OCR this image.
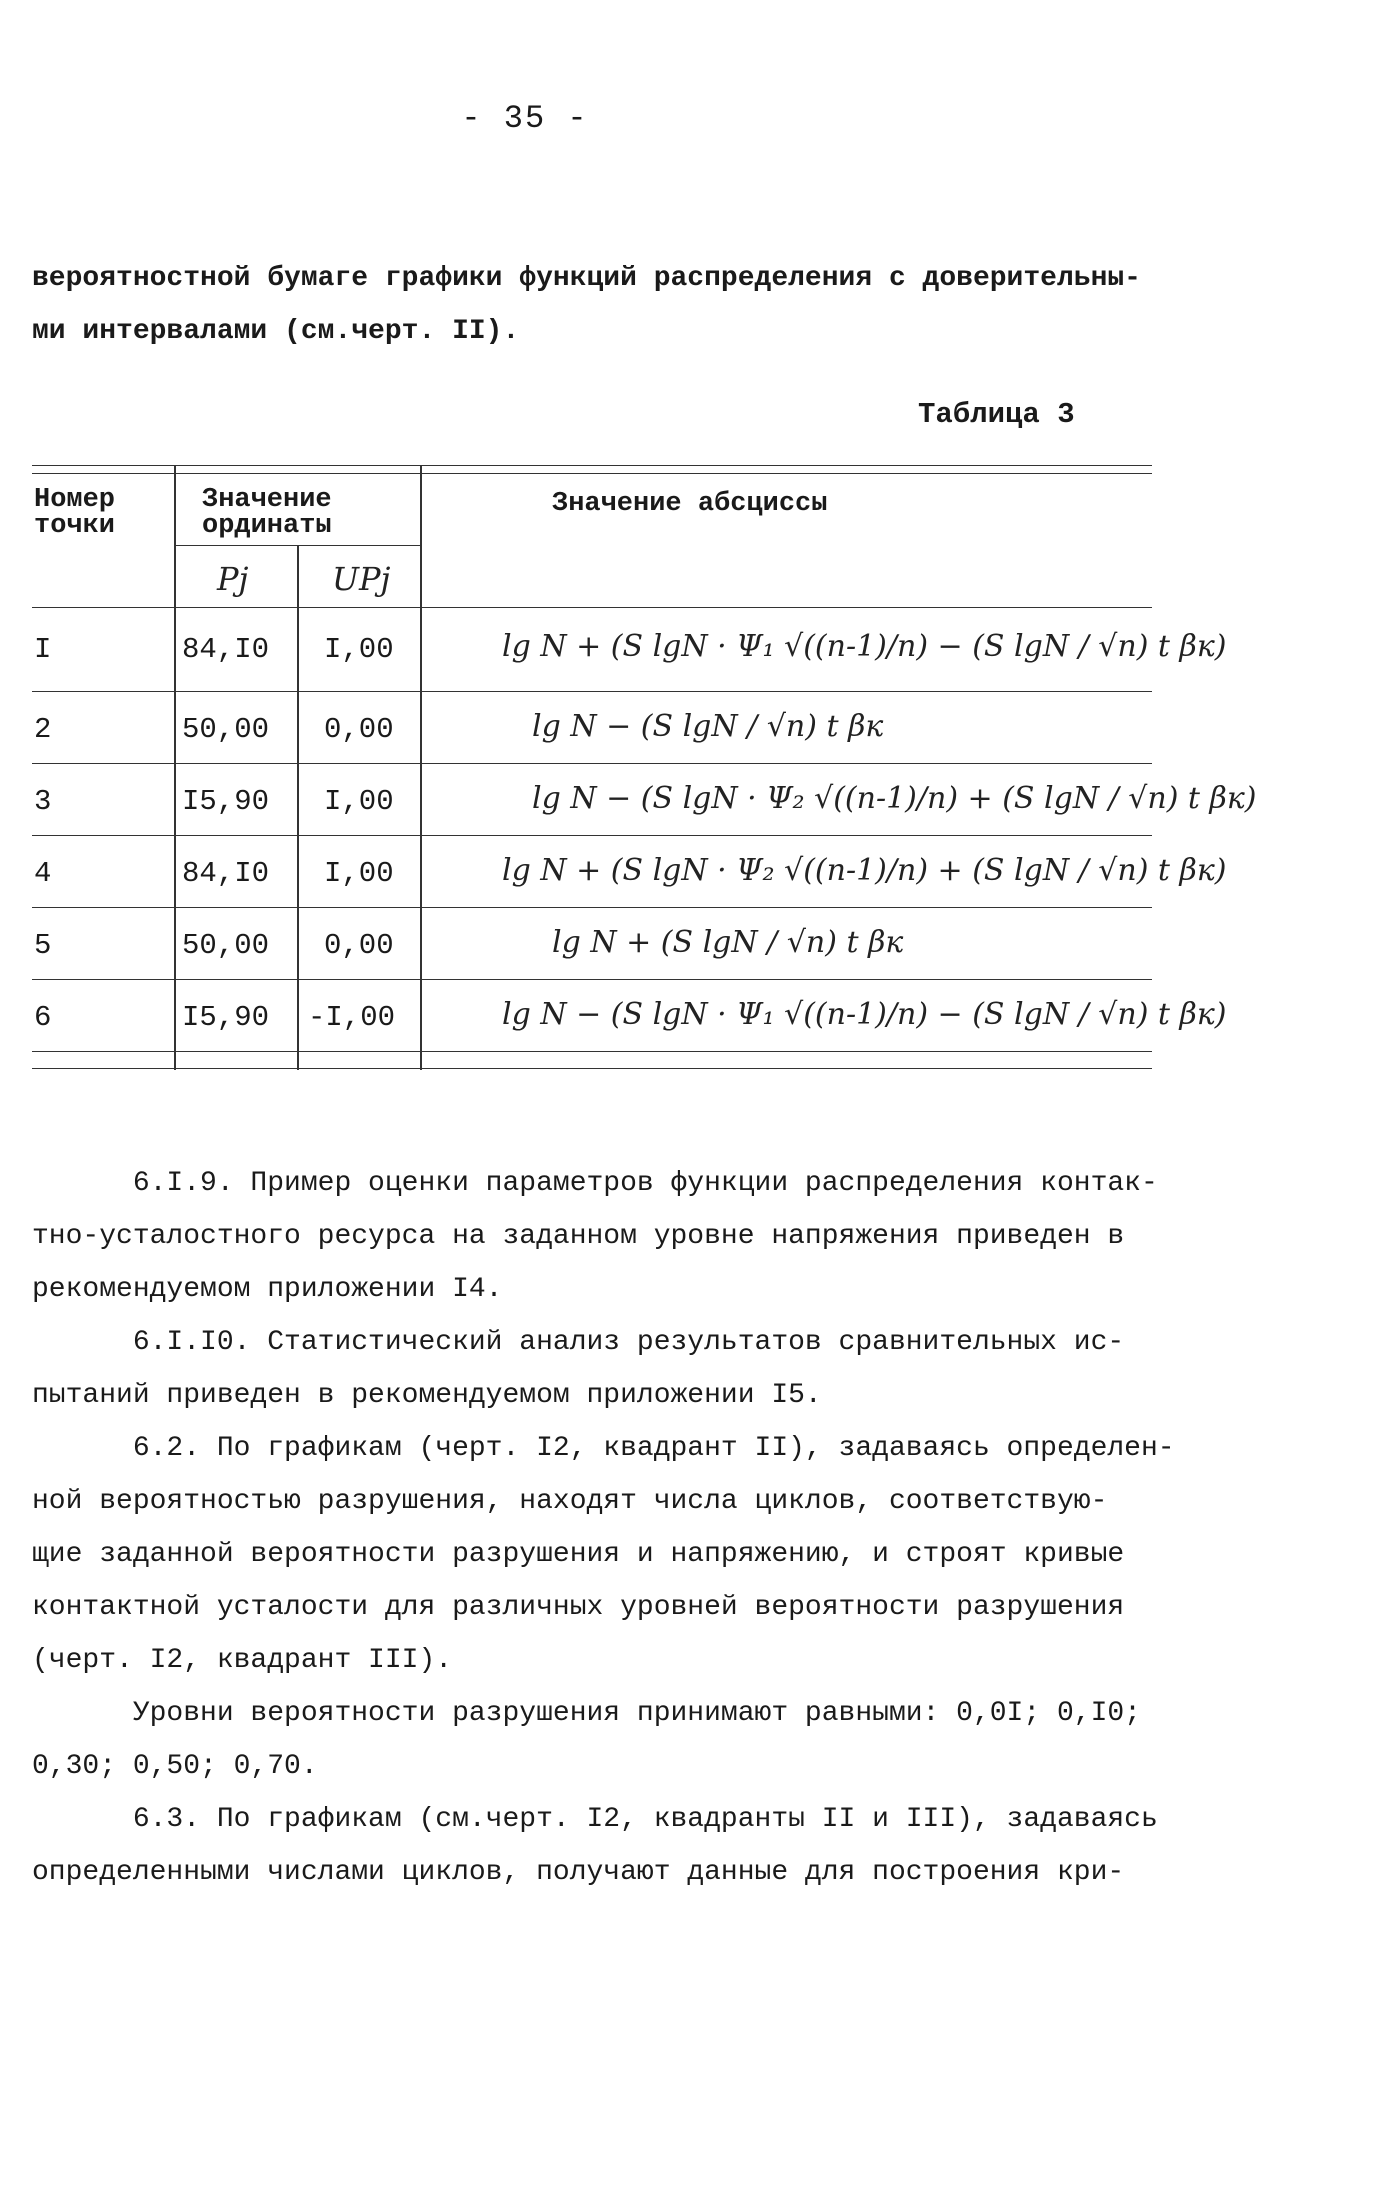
- 35 -
вероятностной бумаге графики функций распределения с доверительны-
ми интервалами (см.черт. II).
Таблица 3
Номер
точки
Значение
ординаты
Pj	UPj
Значение абсциссы
I	84,I0 I,00	lg N + (S lgN · Ψ₁ √((n-1)/n) − (S lgN / √n) t βк)
2	50,00 0,00	lg N − (S lgN / √n) t βк
3	I5,90 I,00	lg N − (S lgN · Ψ₂ √((n-1)/n) + (S lgN / √n) t βк)
4	84,I0 I,00	lg N + (S lgN · Ψ₂ √((n-1)/n) + (S lgN / √n) t βк)
5	50,00 0,00	lg N + (S lgN / √n) t βк
6	I5,90 -I,00	lg N − (S lgN · Ψ₁ √((n-1)/n) − (S lgN / √n) t βк)
6.I.9. Пример оценки параметров функции распределения контак-
тно-усталостного ресурса на заданном уровне напряжения приведен в
рекомендуемом приложении I4.
6.I.I0. Статистический анализ результатов сравнительных ис-
пытаний приведен в рекомендуемом приложении I5.
6.2. По графикам (черт. I2, квадрант II), задаваясь определен-
ной вероятностью разрушения, находят числа циклов, соответствую-
щие заданной вероятности разрушения и напряжению, и строят кривые
контактной усталости для различных уровней вероятности разрушения
(черт. I2, квадрант III).
Уровни вероятности разрушения принимают равными: 0,0I; 0,I0;
0,30; 0,50; 0,70.
6.3. По графикам (см.черт. I2, квадранты II и III), задаваясь
определенными числами циклов, получают данные для построения кри-
